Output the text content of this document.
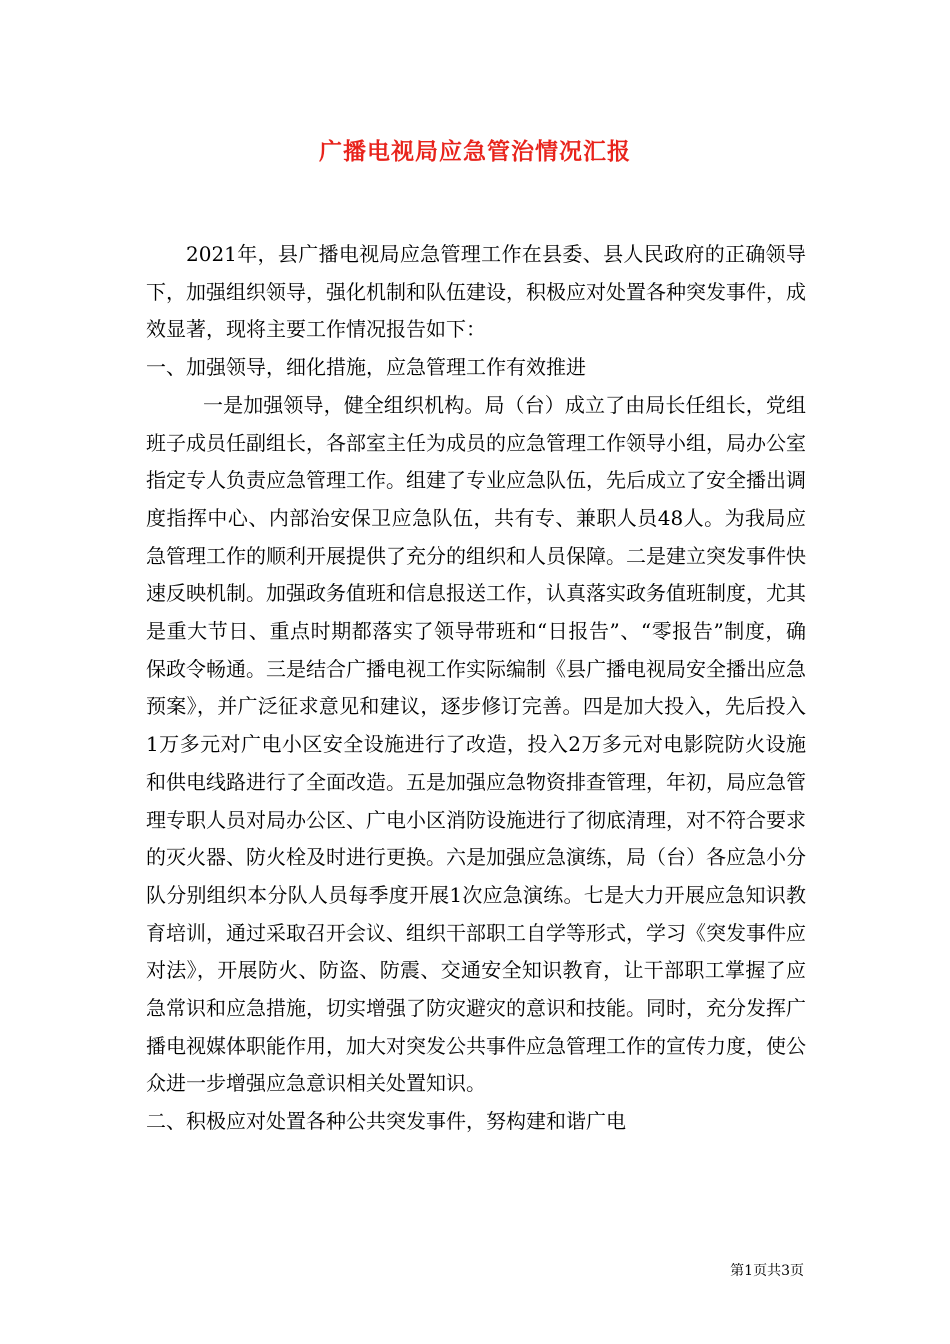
广播电视局应急管治情况汇报

2021年，县广播电视局应急管理工作在县委、县人民政府的正确领导下，加强组织领导，强化机制和队伍建设，积极应对处置各种突发事件，成效显著，现将主要工作情况报告如下：

一、加强领导，细化措施，应急管理工作有效推进

一是加强领导，健全组织机构。局（台）成立了由局长任组长，党组班子成员任副组长，各部室主任为成员的应急管理工作领导小组，局办公室指定专人负责应急管理工作。组建了专业应急队伍，先后成立了安全播出调度指挥中心、内部治安保卫应急队伍，共有专、兼职人员48人。为我局应急管理工作的顺利开展提供了充分的组织和人员保障。二是建立突发事件快速反映机制。加强政务值班和信息报送工作，认真落实政务值班制度，尤其是重大节日、重点时期都落实了领导带班和“日报告”、“零报告”制度，确保政令畅通。三是结合广播电视工作实际编制《县广播电视局安全播出应急预案》，并广泛征求意见和建议，逐步修订完善。四是加大投入，先后投入1万多元对广电小区安全设施进行了改造，投入2万多元对电影院防火设施和供电线路进行了全面改造。五是加强应急物资排查管理，年初，局应急管理专职人员对局办公区、广电小区消防设施进行了彻底清理，对不符合要求的灭火器、防火栓及时进行更换。六是加强应急演练，局（台）各应急小分队分别组织本分队人员每季度开展1次应急演练。七是大力开展应急知识教育培训，通过采取召开会议、组织干部职工自学等形式，学习《突发事件应对法》，开展防火、防盗、防震、交通安全知识教育，让干部职工掌握了应急常识和应急措施，切实增强了防灾避灾的意识和技能。同时，充分发挥广播电视媒体职能作用，加大对突发公共事件应急管理工作的宣传力度，使公众进一步增强应急意识相关处置知识。

二、积极应对处置各种公共突发事件，努构建和谐广电

第1页共3页
